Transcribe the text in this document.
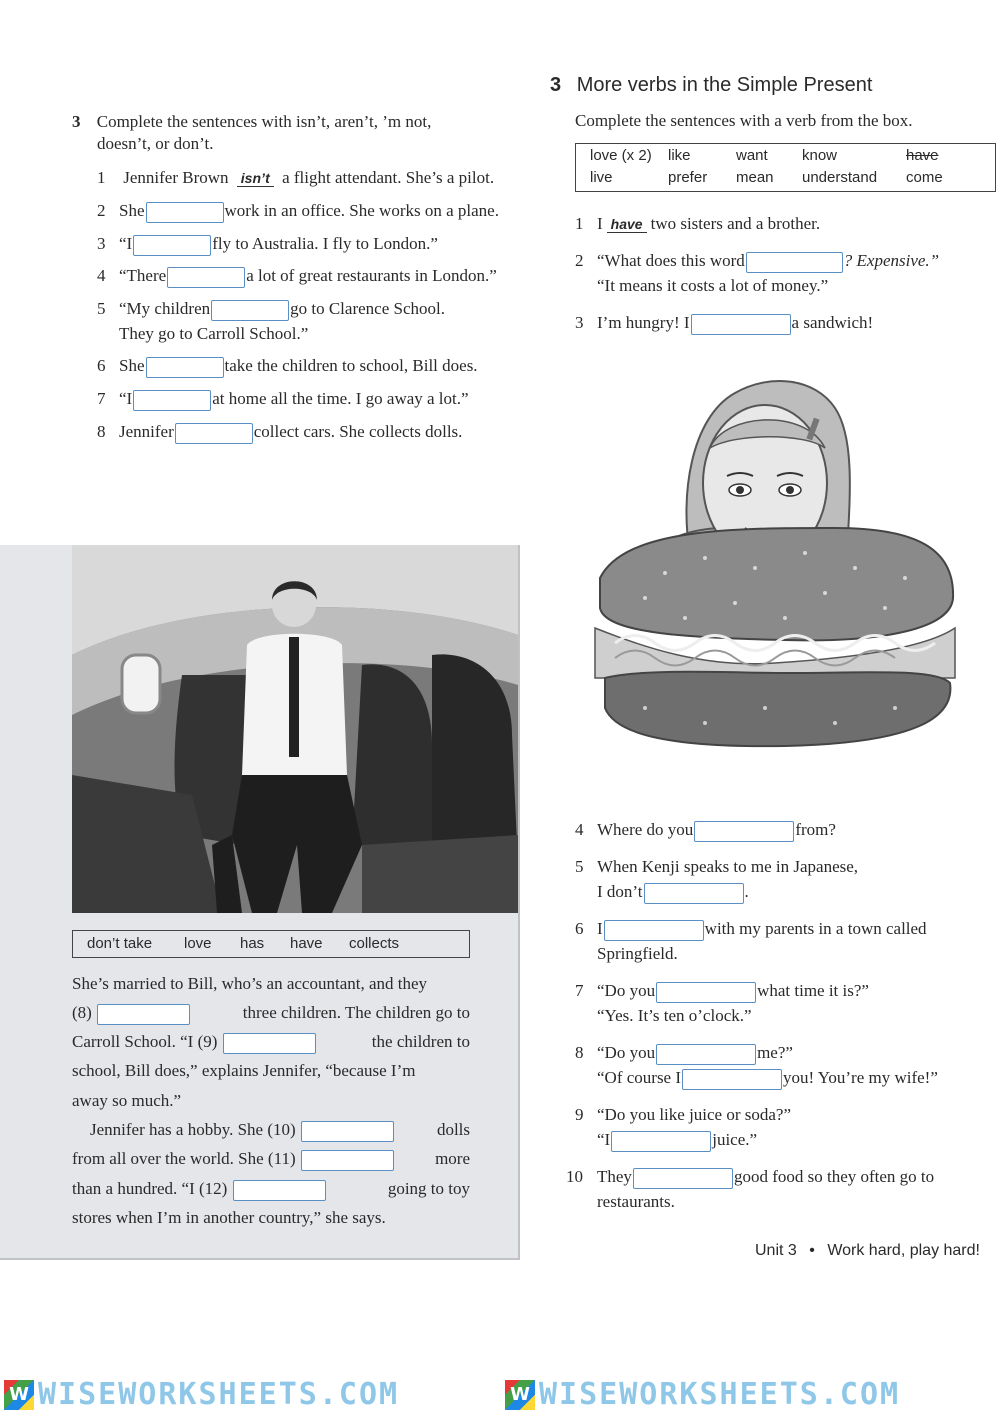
3 Complete the sentences with isn’t, aren’t, ’m not,
doesn’t, or don’t.
1 Jennifer Brown isn’t a flight attendant. She’s a pilot.
2 She	work in an office. She works on a plane.
3 “I	fly to Australia. I fly to London.”
4 “There	a lot of great restaurants in London.”
5 “My children	go to Clarence School.
They go to Carroll School.”
6 She	take the children to school, Bill does.
7 “I	at home all the time. I go away a lot.”
8 Jennifer	collect cars. She collects dolls.
3 More verbs in the Simple Present
Complete the sentences with a verb from the box.
love (x 2) like	want know	have
live	prefer mean understand come
1 I have two sisters and a brother.
2 “What does this word	? Expensive.”
“It means it costs a lot of money.”
3 I’m hungry! I	a sandwich!
4 Where do you	from?
5 When Kenji speaks to me in Japanese,
I don’t	.
6 I	with my parents in a town called
Springfield.
7 “Do you	what time it is?”
“Yes. It’s ten o’clock.”
8 “Do you	me?”
“Of course I	you! You’re my wife!”
9 “Do you like juice or soda?”
“I	juice.”
10 They	good food so they often go to
restaurants.
don’t take love has have collects
She’s married to Bill, who’s an accountant, and they
(8)	three children. The children go to
Carroll School. “I (9)	the children to
school, Bill does,” explains Jennifer, “because I’m
away so much.”
Jennifer has a hobby. She (10)	dolls
from all over the world. She (11)	more
than a hundred. “I (12)	going to toy
stores when I’m in another country,” she says.
Unit 3 • Work hard, play hard!
W WISEWORKSHEETS.COM	W WISEWORKSHEETS.COM
